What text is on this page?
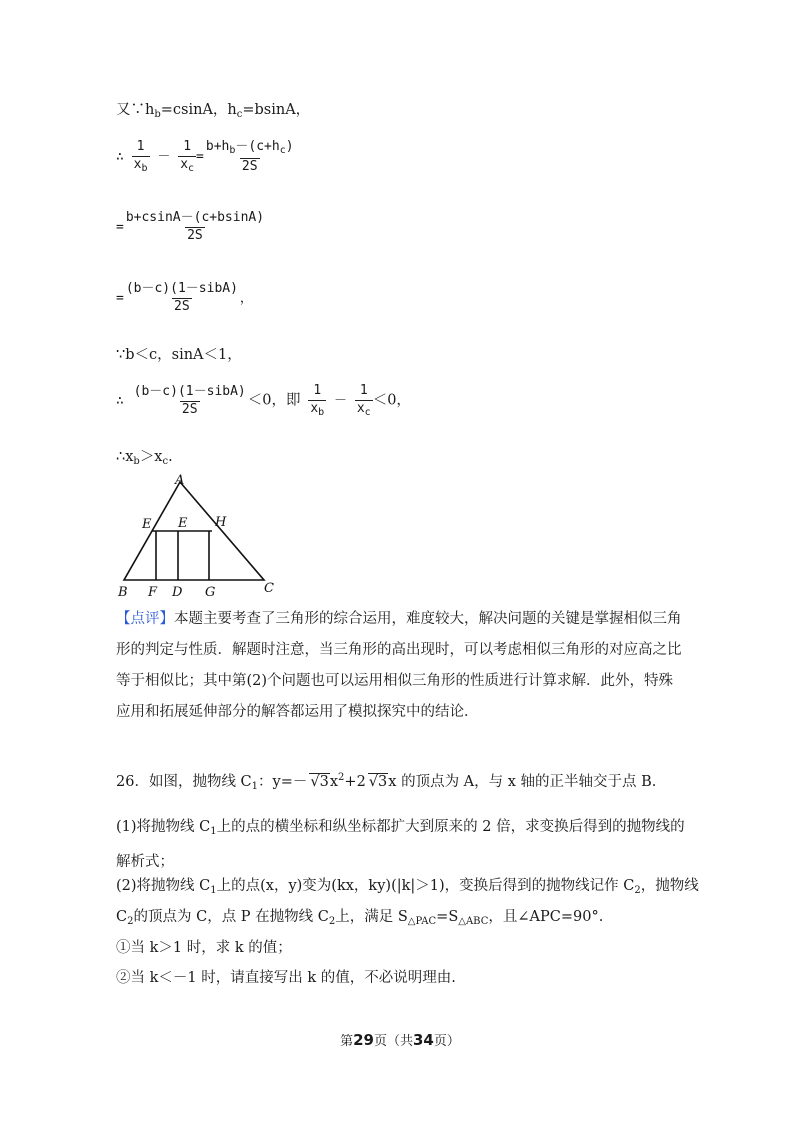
又$\because h_b=csinA$，$h_c=bsinA$，
∴ $\frac{1}{x_b} - \frac{1}{x_c} = \frac{b+h_b-(c+h_c)}{2S}$
= $\frac{b+csinA-(c+bsinA)}{2S}$
= $\frac{\text{(b－c)(1－sibA)}}{2S}$ ，
∵b＜c，sinA＜1，
∴ $\frac{\text{(b－c)(1－sibA)}}{2S} <0$，即 $\frac{1}{x_b} - \frac{1}{x_c} <0$，
$\therefore x_b>x_c$.
A
E E H
B F D G	C
【点评】本题主要考查了三角形的综合运用，难度较大，解决问题的关键是掌握相似三角形的判定与性质．解题时注意，当三角形的高出现时，可以考虑相似三角形的对应高之比等于相似比；其中第(2)个问题也可以运用相似三角形的性质进行计算求解．此外，特殊应用和拓展延伸部分的解答都运用了模拟探究中的结论．
26．如图，抛物线 $C_1$：$y=- √3x^2+2$ √3x 的顶点为 A，与 x 轴的正半轴交于点 B.
(1)将抛物线 $C_1$上的点的横坐标和纵坐标都扩大到原来的 2 倍，求变换后得到的抛物线的解析式；
(2)将抛物线 $C_1$上的点(x，y)变为(kx，ky)(|k|＞1)，变换后得到的抛物线记作 $C_2$，抛物线
$C_2$的顶点为 C，点 P 在抛物线 $C_2$上，满足 $S_{\triangle PAC}=S_{\triangle ABC}$，且∠APC=90°.
①当 k＞1 时，求 k 的值；
②当 k＜－1 时，请直接写出 k 的值，不必说明理由.
第29页（共34页）
